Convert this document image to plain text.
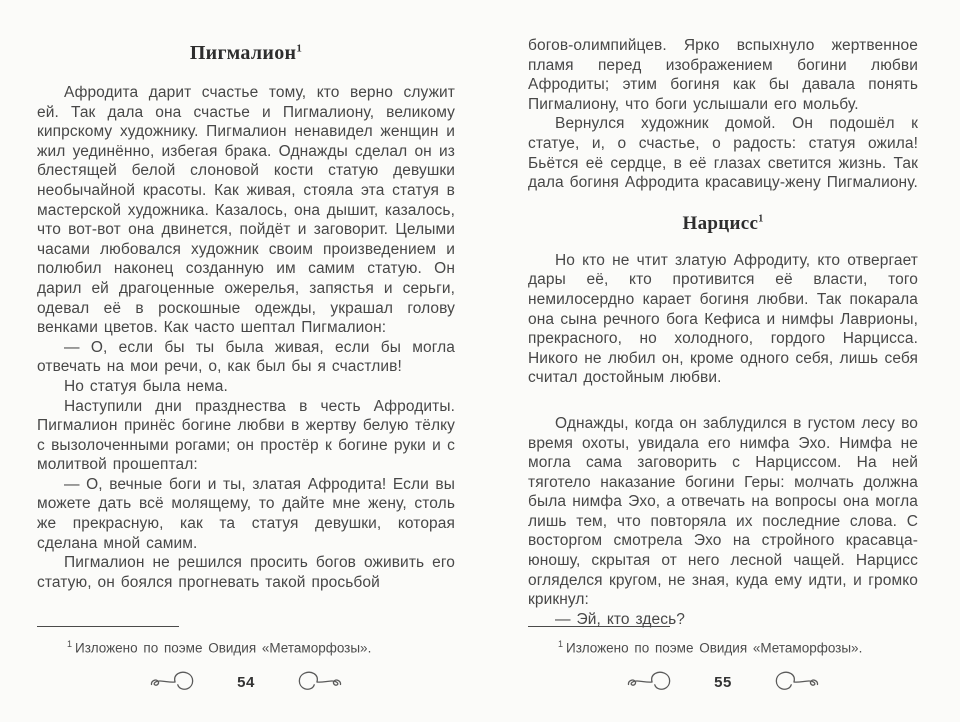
Пигмалион$^1$

Афродита дарит счастье тому, кто верно служит ей. Так дала она счастье и Пигмалиону, великому кипрскому художнику. Пигмалион ненавидел женщин и жил уединённо, избегая брака. Однажды сделал он из блестящей белой слоновой кости статую девушки необычайной красоты. Как живая, стояла эта статуя в мастерской художника. Казалось, она дышит, казалось, что вот-вот она двинется, пойдёт и заговорит. Целыми часами любовался художник своим произведением и полюбил наконец созданную им самим статую. Он дарил ей драгоценные ожерелья, запястья и серьги, одевал её в роскошные одежды, украшал голову венками цветов. Как часто шептал Пигмалион:

— О, если бы ты была живая, если бы могла отвечать на мои речи, о, как был бы я счастлив!

Но статуя была нема.

Наступили дни празднества в честь Афродиты. Пигмалион принёс богине любви в жертву белую тёлку с вызолоченными рогами; он простёр к богине руки и с молитвой прошептал:

— О, вечные боги и ты, златая Афродита! Если вы можете дать всё молящему, то дайте мне жену, столь же прекрасную, как та статуя девушки, которая сделана мной самим.

Пигмалион не решился просить богов оживить его статую, он боялся прогневать такой просьбой

$^1$ Изложено по поэме Овидия «Метаморфозы».

54

богов-олимпийцев. Ярко вспыхнуло жертвенное пламя перед изображением богини любви Афродиты; этим богиня как бы давала понять Пигмалиону, что боги услышали его мольбу.

Вернулся художник домой. Он подошёл к статуе, и, о счастье, о радость: статуя ожила! Бьётся её сердце, в её глазах светится жизнь. Так дала богиня Афродита красавицу-жену Пигмалиону.

Нарцисс$^1$

Но кто не чтит златую Афродиту, кто отвергает дары её, кто противится её власти, того немилосердно карает богиня любви. Так покарала она сына речного бога Кефиса и нимфы Лаврионы, прекрасного, но холодного, гордого Нарцисса. Никого не любил он, кроме одного себя, лишь себя считал достойным любви.

Однажды, когда он заблудился в густом лесу во время охоты, увидала его нимфа Эхо. Нимфа не могла сама заговорить с Нарциссом. На ней тяготело наказание богини Геры: молчать должна была нимфа Эхо, а отвечать на вопросы она могла лишь тем, что повторяла их последние слова. С восторгом смотрела Эхо на стройного красавца-юношу, скрытая от него лесной чащей. Нарцисс огляделся кругом, не зная, куда ему идти, и громко крикнул:

— Эй, кто здесь?

$^1$ Изложено по поэме Овидия «Метаморфозы».

55
